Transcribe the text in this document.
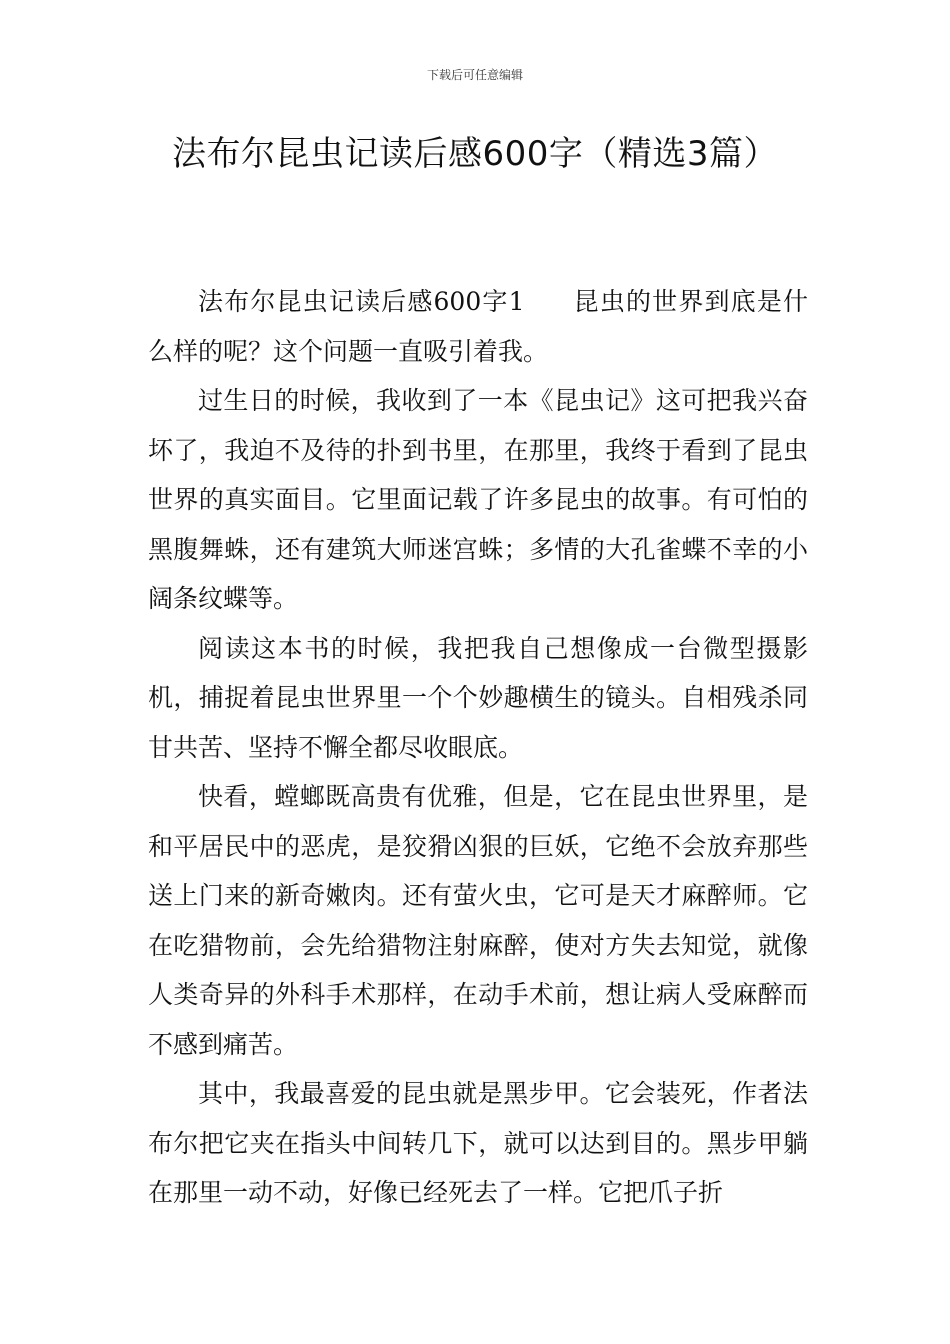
下载后可任意编辑
法布尔昆虫记读后感600字（精选3篇）

法布尔昆虫记读后感600字1 昆虫的世界到底是什么样的呢？这个问题一直吸引着我。

过生日的时候，我收到了一本《昆虫记》这可把我兴奋坏了，我迫不及待的扑到书里，在那里，我终于看到了昆虫世界的真实面目。它里面记载了许多昆虫的故事。有可怕的黑腹舞蛛，还有建筑大师迷宫蛛；多情的大孔雀蝶不幸的小阔条纹蝶等。

阅读这本书的时候，我把我自己想像成一台微型摄影机，捕捉着昆虫世界里一个个妙趣横生的镜头。自相残杀同甘共苦、坚持不懈全都尽收眼底。

快看，螳螂既高贵有优雅，但是，它在昆虫世界里，是和平居民中的恶虎，是狡猾凶狠的巨妖，它绝不会放弃那些送上门来的新奇嫩肉。还有萤火虫，它可是天才麻醉师。它在吃猎物前，会先给猎物注射麻醉，使对方失去知觉，就像人类奇异的外科手术那样，在动手术前，想让病人受麻醉而不感到痛苦。

其中，我最喜爱的昆虫就是黑步甲。它会装死，作者法布尔把它夹在指头中间转几下，就可以达到目的。黑步甲躺在那里一动不动，好像已经死去了一样。它把爪子折
